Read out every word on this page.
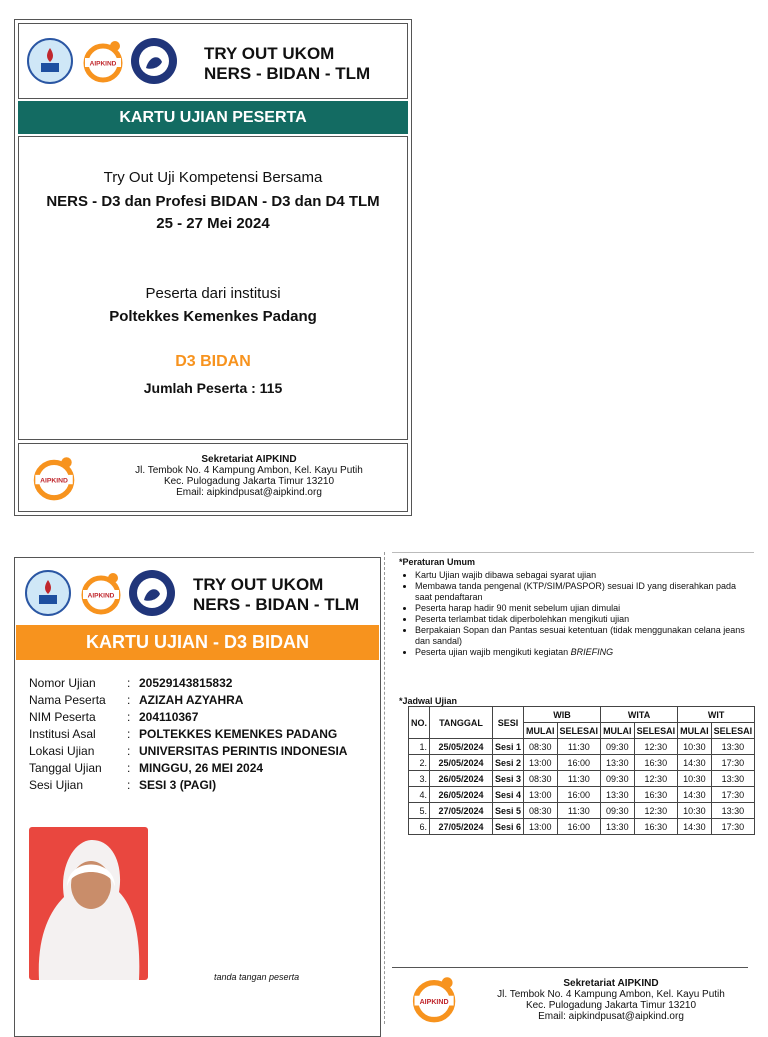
AIPKIND
TRY OUT UKOM
NERS - BIDAN - TLM
KARTU UJIAN PESERTA
Try Out Uji Kompetensi Bersama
NERS - D3 dan Profesi BIDAN - D3 dan D4 TLM
25 - 27 Mei 2024
Peserta dari institusi
Poltekkes Kemenkes Padang
D3 BIDAN
Jumlah Peserta : 115
AIPKIND
Sekretariat AIPKIND
Jl. Tembok No. 4 Kampung Ambon, Kel. Kayu Putih
Kec. Pulogadung Jakarta Timur 13210
Email: aipkindpusat@aipkind.org
AIPKIND
TRY OUT UKOM
NERS - BIDAN - TLM
KARTU UJIAN - D3 BIDAN
Nomor Ujian	:	20529143815832
Nama Peserta	:	AZIZAH AZYAHRA
NIM Peserta	:	204110367
Institusi Asal	:	POLTEKKES KEMENKES PADANG
Lokasi Ujian	:	UNIVERSITAS PERINTIS INDONESIA
Tanggal Ujian	:	MINGGU, 26 MEI 2024
Sesi Ujian	:	SESI 3 (PAGI)
tanda tangan peserta
*Peraturan Umum
• Kartu Ujian wajib dibawa sebagai syarat ujian
• Membawa tanda pengenal (KTP/SIM/PASPOR) sesuai ID yang diserahkan pada saat pendaftaran
• Peserta harap hadir 90 menit sebelum ujian dimulai
• Peserta terlambat tidak diperbolehkan mengikuti ujian
• Berpakaian Sopan dan Pantas sesuai ketentuan (tidak menggunakan celana jeans dan sandal)
• Peserta ujian wajib mengikuti kegiatan BRIEFING
*Jadwal Ujian
NO.	TANGGAL	SESI	WIB		WITA		WIT	
			MULAI	SELESAI	MULAI	SELESAI	MULAI	SELESAI
1.	25/05/2024	Sesi 1	08:30	11:30	09:30	12:30	10:30	13:30
2.	25/05/2024	Sesi 2	13:00	16:00	13:30	16:30	14:30	17:30
3.	26/05/2024	Sesi 3	08:30	11:30	09:30	12:30	10:30	13:30
4.	26/05/2024	Sesi 4	13:00	16:00	13:30	16:30	14:30	17:30
5.	27/05/2024	Sesi 5	08:30	11:30	09:30	12:30	10:30	13:30
6.	27/05/2024	Sesi 6	13:00	16:00	13:30	16:30	14:30	17:30
AIPKIND
Sekretariat AIPKIND
Jl. Tembok No. 4 Kampung Ambon, Kel. Kayu Putih
Kec. Pulogadung Jakarta Timur 13210
Email: aipkindpusat@aipkind.org
